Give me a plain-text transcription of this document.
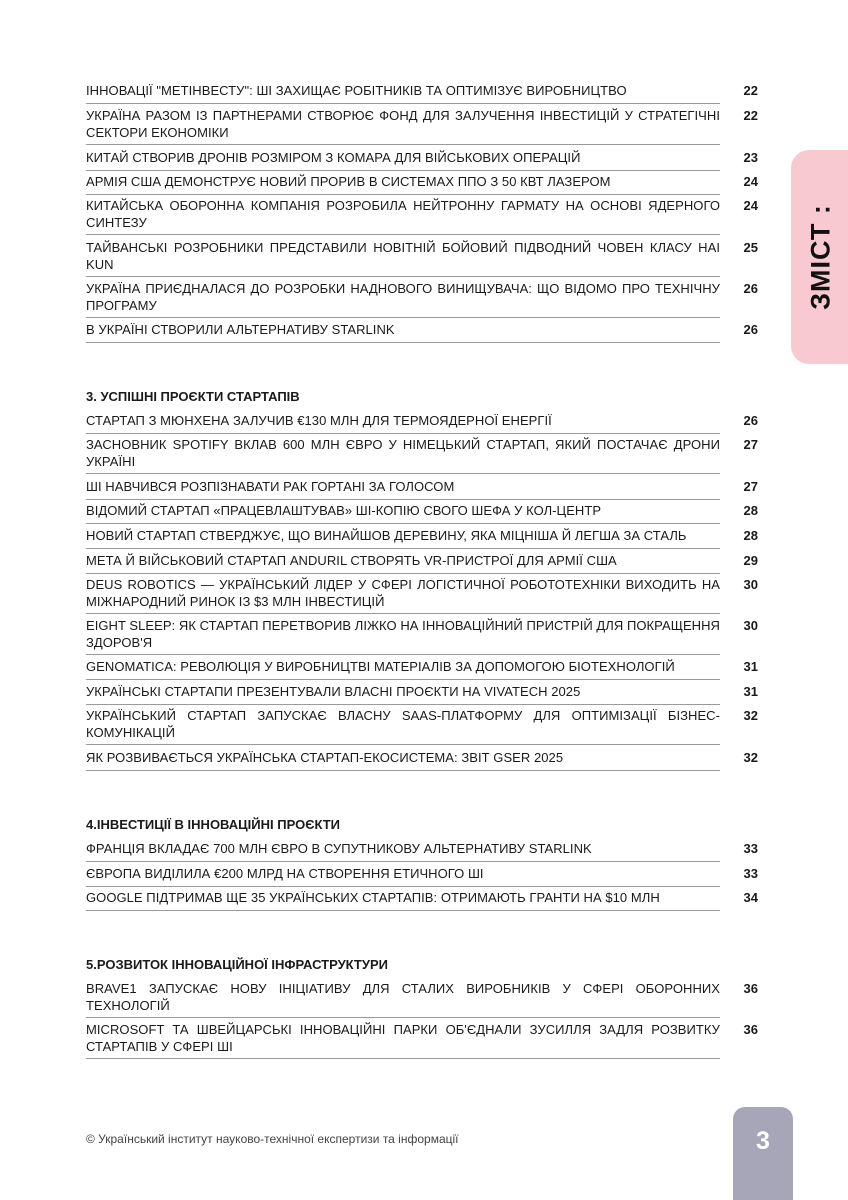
ІННОВАЦІЇ "МЕТІНВЕСТУ": ШІ ЗАХИЩАЄ РОБІТНИКІВ ТА ОПТИМІЗУЄ ВИРОБНИЦТВО	22
УКРАЇНА РАЗОМ ІЗ ПАРТНЕРАМИ СТВОРЮЄ ФОНД ДЛЯ ЗАЛУЧЕННЯ ІНВЕСТИЦІЙ У СТРАТЕГІЧНІ СЕКТОРИ ЕКОНОМІКИ
22
КИТАЙ СТВОРИВ ДРОНІВ РОЗМІРОМ З КОМАРА ДЛЯ ВІЙСЬКОВИХ ОПЕРАЦІЙ	23
АРМІЯ США ДЕМОНСТРУЄ НОВИЙ ПРОРИВ В СИСТЕМАХ ППО З 50 КВТ ЛАЗЕРОМ	24
КИТАЙСЬКА ОБОРОННА КОМПАНІЯ РОЗРОБИЛА НЕЙТРОННУ ГАРМАТУ НА ОСНОВІ ЯДЕРНОГО СИНТЕЗУ
24
ТАЙВАНСЬКІ РОЗРОБНИКИ ПРЕДСТАВИЛИ НОВІТНІЙ БОЙОВИЙ ПІДВОДНИЙ ЧОВЕН КЛАСУ HAI KUN
25
УКРАЇНА ПРИЄДНАЛАСЯ ДО РОЗРОБКИ НАДНОВОГО ВИНИЩУВАЧА: ЩО ВІДОМО ПРО ТЕХНІЧНУ ПРОГРАМУ
26
В УКРАЇНІ СТВОРИЛИ АЛЬТЕРНАТИВУ STARLINK	26
3. УСПІШНІ ПРОЄКТИ СТАРТАПІВ
СТАРТАП З МЮНХЕНА ЗАЛУЧИВ €130 МЛН ДЛЯ ТЕРМОЯДЕРНОЇ ЕНЕРГІЇ	26
ЗАСНОВНИК SPOTIFY ВКЛАВ 600 МЛН ЄВРО У НІМЕЦЬКИЙ СТАРТАП, ЯКИЙ ПОСТАЧАЄ ДРОНИ УКРАЇНІ
27
ШІ НАВЧИВСЯ РОЗПІЗНАВАТИ РАК ГОРТАНІ ЗА ГОЛОСОМ	27
ВІДОМИЙ СТАРТАП «ПРАЦЕВЛАШТУВАВ» ШІ-КОПІЮ СВОГО ШЕФА У КОЛ-ЦЕНТР	28
НОВИЙ СТАРТАП СТВЕРДЖУЄ, ЩО ВИНАЙШОВ ДЕРЕВИНУ, ЯКА МІЦНІША Й ЛЕГША ЗА СТАЛЬ	28
МЕТА Й ВІЙСЬКОВИЙ СТАРТАП ANDURIL СТВОРЯТЬ VR-ПРИСТРОЇ ДЛЯ АРМІЇ США	29
DEUS ROBOTICS — УКРАЇНСЬКИЙ ЛІДЕР У СФЕРІ ЛОГІСТИЧНОЇ РОБОТОТЕХНІКИ ВИХОДИТЬ НА МІЖНАРОДНИЙ РИНОК ІЗ $3 МЛН ІНВЕСТИЦІЙ
30
EIGHT SLEEP: ЯК СТАРТАП ПЕРЕТВОРИВ ЛІЖКО НА ІННОВАЦІЙНИЙ ПРИСТРІЙ ДЛЯ ПОКРАЩЕННЯ ЗДОРОВ'Я
30
GENOMATICA: РЕВОЛЮЦІЯ У ВИРОБНИЦТВІ МАТЕРІАЛІВ ЗА ДОПОМОГОЮ БІОТЕХНОЛОГІЙ	31
УКРАЇНСЬКІ СТАРТАПИ ПРЕЗЕНТУВАЛИ ВЛАСНІ ПРОЄКТИ НА VIVATECH 2025	31
УКРАЇНСЬКИЙ СТАРТАП ЗАПУСКАЄ ВЛАСНУ SAAS-ПЛАТФОРМУ ДЛЯ ОПТИМІЗАЦІЇ БІЗНЕС-КОМУНІКАЦІЙ
32
ЯК РОЗВИВАЄТЬСЯ УКРАЇНСЬКА СТАРТАП-ЕКОСИСТЕМА: ЗВІТ GSER 2025	32
4.ІНВЕСТИЦІЇ В ІННОВАЦІЙНІ ПРОЄКТИ
ФРАНЦІЯ ВКЛАДАЄ 700 МЛН ЄВРО В СУПУТНИКОВУ АЛЬТЕРНАТИВУ STARLINK	33
ЄВРОПА ВИДІЛИЛА €200 МЛРД НА СТВОРЕННЯ ЕТИЧНОГО ШІ	33
GOOGLE ПІДТРИМАВ ЩЕ 35 УКРАЇНСЬКИХ СТАРТАПІВ: ОТРИМАЮТЬ ГРАНТИ НА $10 МЛН	34
5.РОЗВИТОК ІННОВАЦІЙНОЇ ІНФРАСТРУКТУРИ
BRAVE1 ЗАПУСКАЄ НОВУ ІНІЦІАТИВУ ДЛЯ СТАЛИХ ВИРОБНИКІВ У СФЕРІ ОБОРОННИХ ТЕХНОЛОГІЙ
36
MICROSOFT ТА ШВЕЙЦАРСЬКІ ІННОВАЦІЙНІ ПАРКИ ОБ'ЄДНАЛИ ЗУСИЛЛЯ ЗАДЛЯ РОЗВИТКУ СТАРТАПІВ У СФЕРІ ШІ
36
ЗМІСТ :
© Український інститут науково-технічної експертизи та інформації	3
